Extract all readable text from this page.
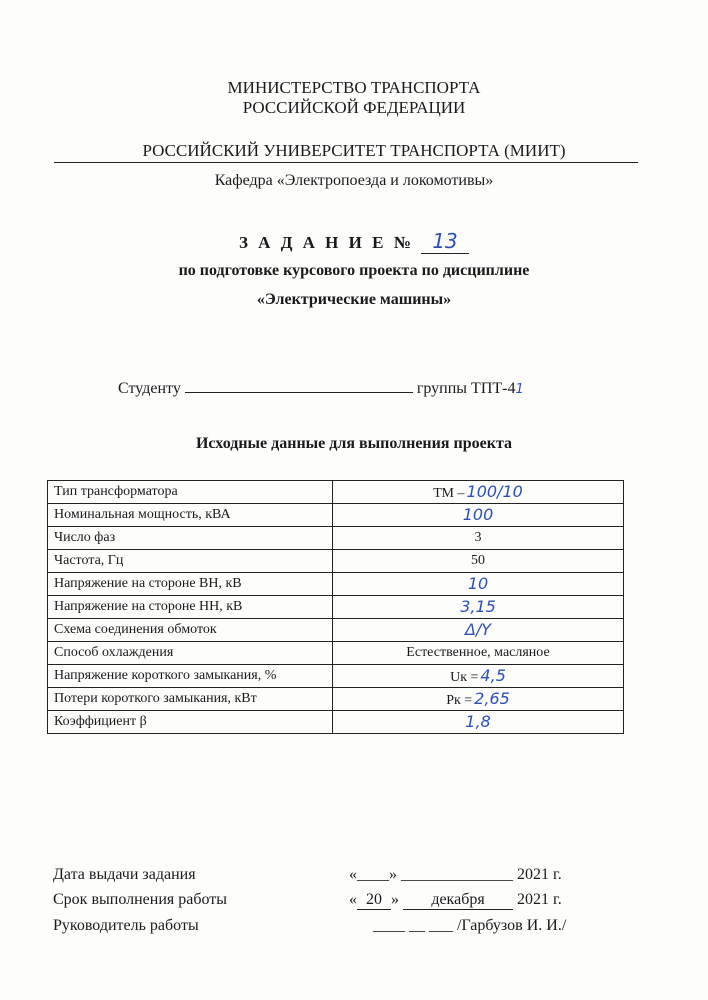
МИНИСТЕРСТВО ТРАНСПОРТА
РОССИЙСКОЙ ФЕДЕРАЦИИ
РОССИЙСКИЙ УНИВЕРСИТЕТ ТРАНСПОРТА (МИИТ)
Кафедра «Электропоезда и локомотивы»
З А Д А Н И Е № 13
по подготовке курсового проекта по дисциплине
«Электрические машины»
Студенту	группы ТПТ-41
Исходные данные для выполнения проекта
Тип трансформатора	ТМ – 100/10
Номинальная мощность, кВА	100
Число фаз	3
Частота, Гц	50
Напряжение на стороне ВН, кВ	10
Напряжение на стороне НН, кВ	3,15
Схема соединения обмоток	Δ/Y
Способ охлаждения	Естественное, масляное
Напряжение короткого замыкания, %	Uк = 4,5
Потери короткого замыкания, кВт	Pк = 2,65
Коэффициент β	1,8
Дата выдачи задания	«____» ______________ 2021 г.
Срок выполнения работы	« 20 » декабря 2021 г.
Руководитель работы	____ __ ___ /Гарбузов И. И./
